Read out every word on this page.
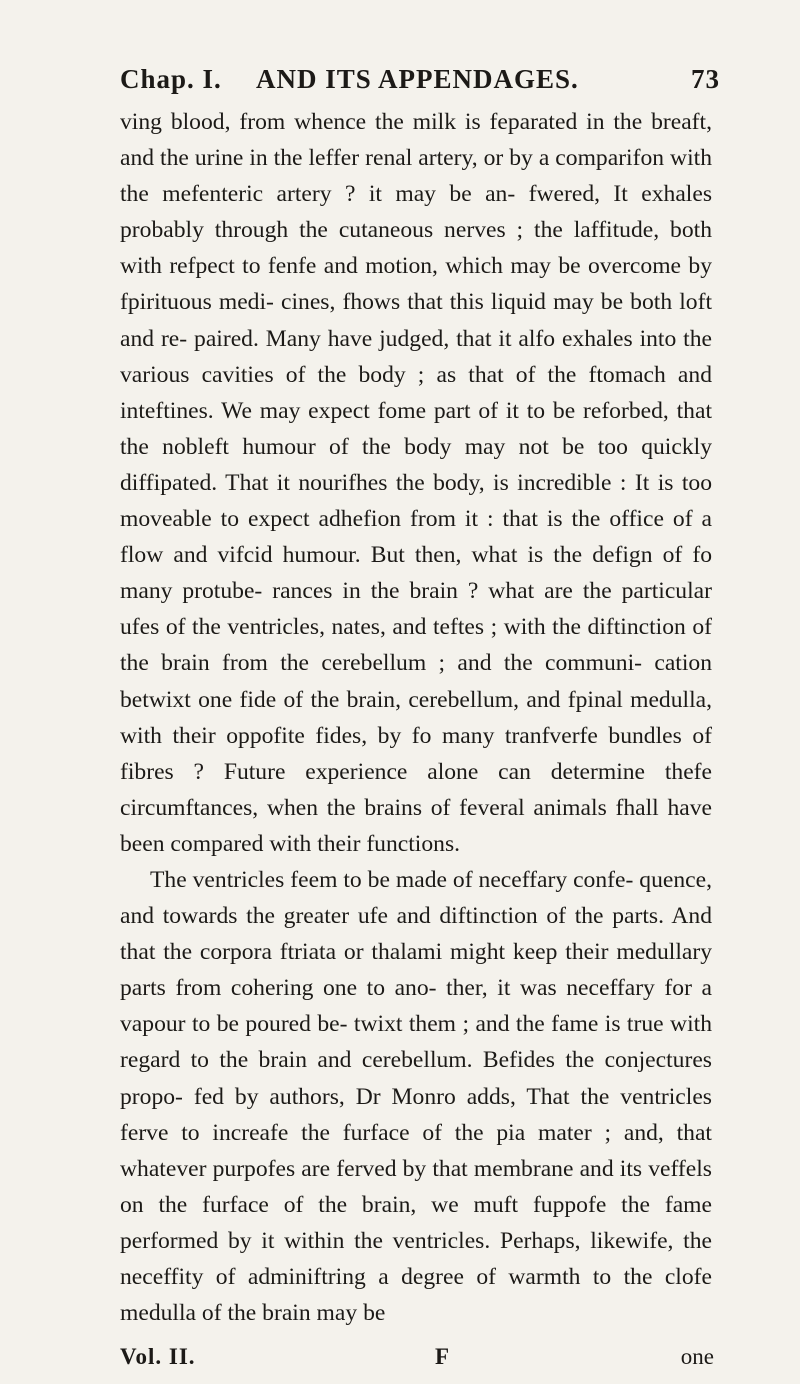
Chap. I. AND ITS APPENDAGES.	73

ving blood, from whence the milk is feparated in the breaft, and the urine in the leffer renal artery, or by a comparifon with the mefenteric artery ? it may be an- fwered, It exhales probably through the cutaneous nerves ; the laffitude, both with refpect to fenfe and motion, which may be overcome by fpirituous medi- cines, fhows that this liquid may be both loft and re- paired. Many have judged, that it alfo exhales into the various cavities of the body ; as that of the ftomach and inteftines. We may expect fome part of it to be reforbed, that the nobleft humour of the body may not be too quickly diffipated. That it nourifhes the body, is incredible : It is too moveable to expect adhefion from it : that is the office of a flow and vifcid humour. But then, what is the defign of fo many protube- rances in the brain ? what are the particular ufes of the ventricles, nates, and teftes ; with the diftinction of the brain from the cerebellum ; and the communi- cation betwixt one fide of the brain, cerebellum, and fpinal medulla, with their oppofite fides, by fo many tranfverfe bundles of fibres ? Future experience alone can determine thefe circumftances, when the brains of feveral animals fhall have been compared with their functions.

The ventricles feem to be made of neceffary confe- quence, and towards the greater ufe and diftinction of the parts. And that the corpora ftriata or thalami might keep their medullary parts from cohering one to ano- ther, it was neceffary for a vapour to be poured be- twixt them ; and the fame is true with regard to the brain and cerebellum. Befides the conjectures propo- fed by authors, Dr Monro adds, That the ventricles ferve to increafe the furface of the pia mater ; and, that whatever purpofes are ferved by that membrane and its veffels on the furface of the brain, we muft fuppofe the fame performed by it within the ventricles. Perhaps, likewife, the neceffity of adminiftring a degree of warmth to the clofe medulla of the brain may be

Vol. II.	F	one
